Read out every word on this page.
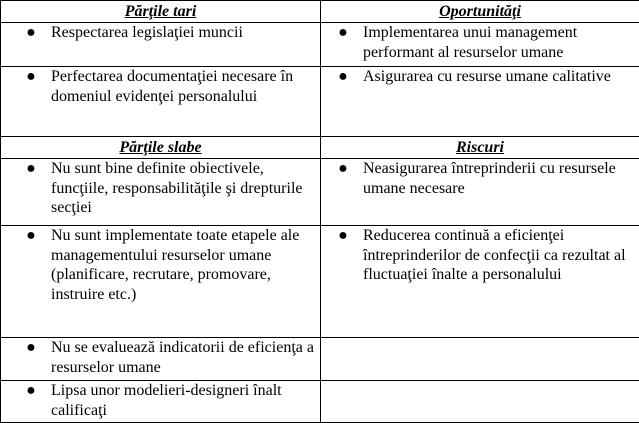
Părţile tari	Oportunităţi

● Respectarea legislaţiei muncii	● Implementarea unui management performant al resurselor umane

● Perfectarea documentaţiei necesare în domeniul evidenţei personalului	● Asigurarea cu resurse umane calitative

Părţile slabe	Riscuri

● Nu sunt bine definite obiectivele, funcţiile, responsabilităţile şi drepturile secţiei	● Neasigurarea întreprinderii cu resursele umane necesare

● Nu sunt implementate toate etapele ale managementului resurselor umane (planificare, recrutare, promovare, instruire etc.)	● Reducerea continuă a eficienţei întreprinderilor de confecţii ca rezultat al fluctuaţiei înalte a personalului

● Nu se evaluează indicatorii de eficienţa a resurselor umane	

● Lipsa unor modelieri-designeri înalt calificaţi	
